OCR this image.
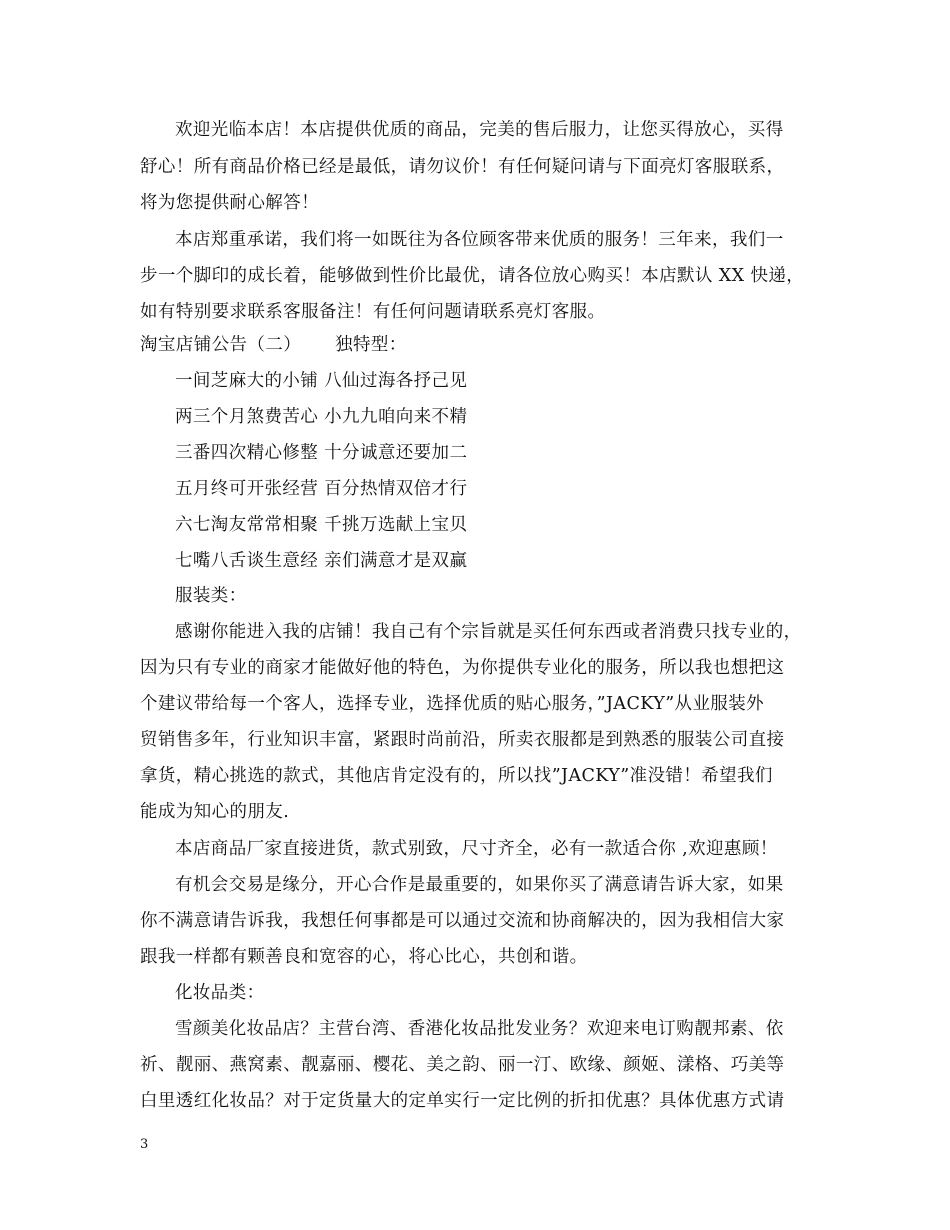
欢迎光临本店！本店提供优质的商品，完美的售后服力，让您买得放心，买得
舒心！所有商品价格已经是最低，请勿议价！有任何疑问请与下面亮灯客服联系，
将为您提供耐心解答！
本店郑重承诺，我们将一如既往为各位顾客带来优质的服务！三年来，我们一
步一个脚印的成长着，能够做到性价比最优，请各位放心购买！本店默认 XX 快递，
如有特别要求联系客服备注！有任何问题请联系亮灯客服。
淘宝店铺公告（二） 独特型：
一间芝麻大的小铺 八仙过海各抒己见
两三个月煞费苦心 小九九咱向来不精
三番四次精心修整 十分诚意还要加二
五月终可开张经营 百分热情双倍才行
六七淘友常常相聚 千挑万选献上宝贝
七嘴八舌谈生意经 亲们满意才是双赢
服装类：
感谢你能进入我的店铺！我自己有个宗旨就是买任何东西或者消费只找专业的，
因为只有专业的商家才能做好他的特色，为你提供专业化的服务，所以我也想把这
个建议带给每一个客人，选择专业，选择优质的贴心服务，”JACKY”从业服装外
贸销售多年，行业知识丰富，紧跟时尚前沿，所卖衣服都是到熟悉的服装公司直接
拿货，精心挑选的款式，其他店肯定没有的，所以找”JACKY”准没错！希望我们
能成为知心的朋友.
本店商品厂家直接进货，款式别致，尺寸齐全，必有一款适合你 ,欢迎惠顾！
有机会交易是缘分，开心合作是最重要的，如果你买了满意请告诉大家，如果
你不满意请告诉我，我想任何事都是可以通过交流和协商解决的，因为我相信大家
跟我一样都有颗善良和宽容的心，将心比心，共创和谐。
化妆品类：
雪颜美化妆品店？主营台湾、香港化妆品批发业务？欢迎来电订购靓邦素、依
祈、靓丽、燕窝素、靓嘉丽、樱花、美之韵、丽一汀、欧缘、颜姬、漾格、巧美等
白里透红化妆品？对于定货量大的定单实行一定比例的折扣优惠？具体优惠方式请
3
